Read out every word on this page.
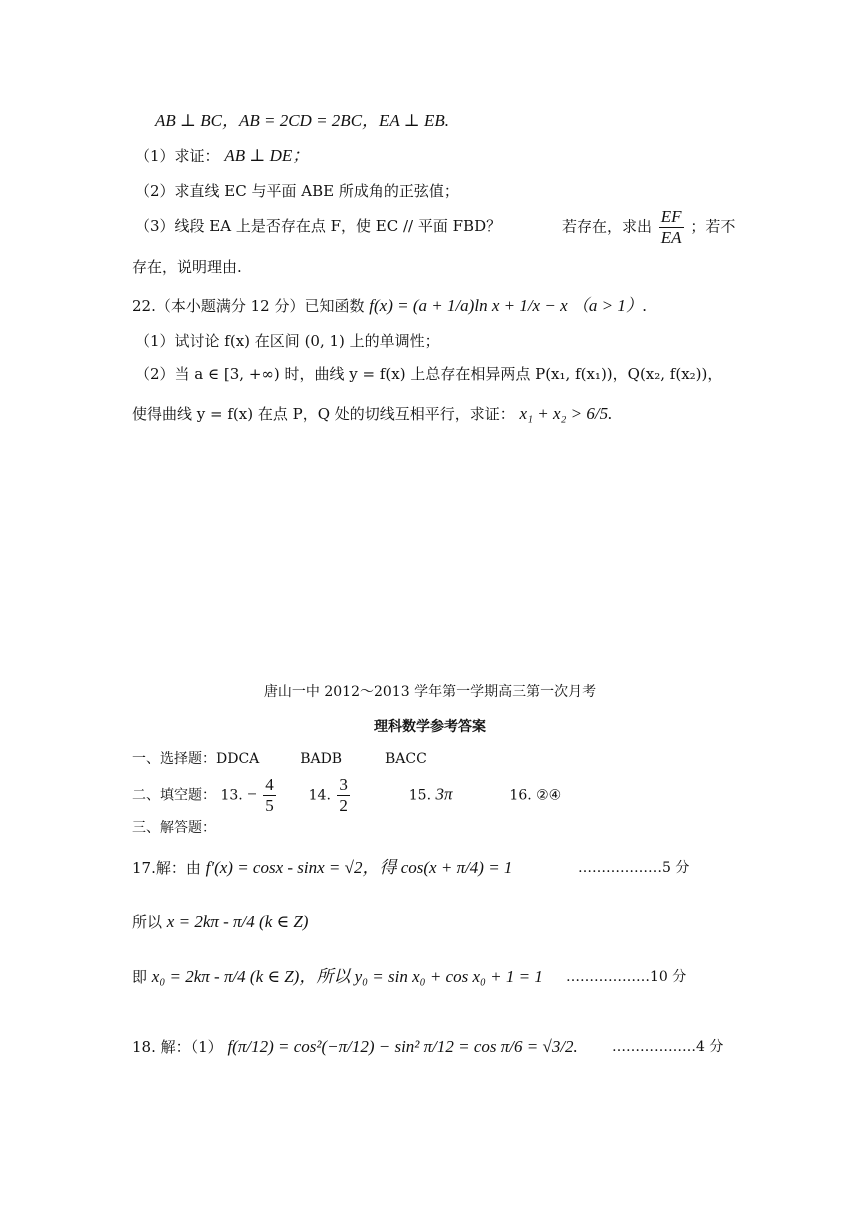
AB ⊥ BC，AB = 2CD = 2BC，EA ⊥ EB.
（1）求证： AB ⊥ DE；
（2）求直线 EC 与平面 ABE 所成角的正弦值；
（3）线段 EA 上是否存在点 F，使 EC // 平面 FBD？	若存在，求出 $\frac{EF}{EA}$ ；若不
存在，说明理由.
22.（本小题满分 12 分）已知函数 f(x) = (a + 1/a)ln x + 1/x − x （a > 1）.
（1）试讨论 f(x) 在区间 (0, 1) 上的单调性；
（2）当 a ∈ [3, +∞) 时，曲线 y = f(x) 上总存在相异两点 P(x₁, f(x₁))，Q(x₂, f(x₂))，
使得曲线 y = f(x) 在点 P，Q 处的切线互相平行，求证： x₁ + x₂ > 6/5.
唐山一中 2012～2013 学年第一学期高三第一次月考
理科数学参考答案
一、选择题：DDCA	BADB	BACC
二、填空题： 13. − $\frac{4}{5} 14$. $\frac{3}{2}$	15. 3π	16. ②④
三、解答题：
17.解：由 f′(x) = cosx - sinx = √2，得 cos(x + π/4) = 1	………………5 分
所以 x = 2kπ - π/4 (k ∈ Z)
即 x₀ = 2kπ - π/4 (k ∈ Z)，所以 y₀ = sin x₀ + cos x₀ + 1 = 1 ………………10 分
18. 解：（1） f(π/12) = cos²(−π/12) − sin² π/12 = cos π/6 = √3/2. ………………4 分
